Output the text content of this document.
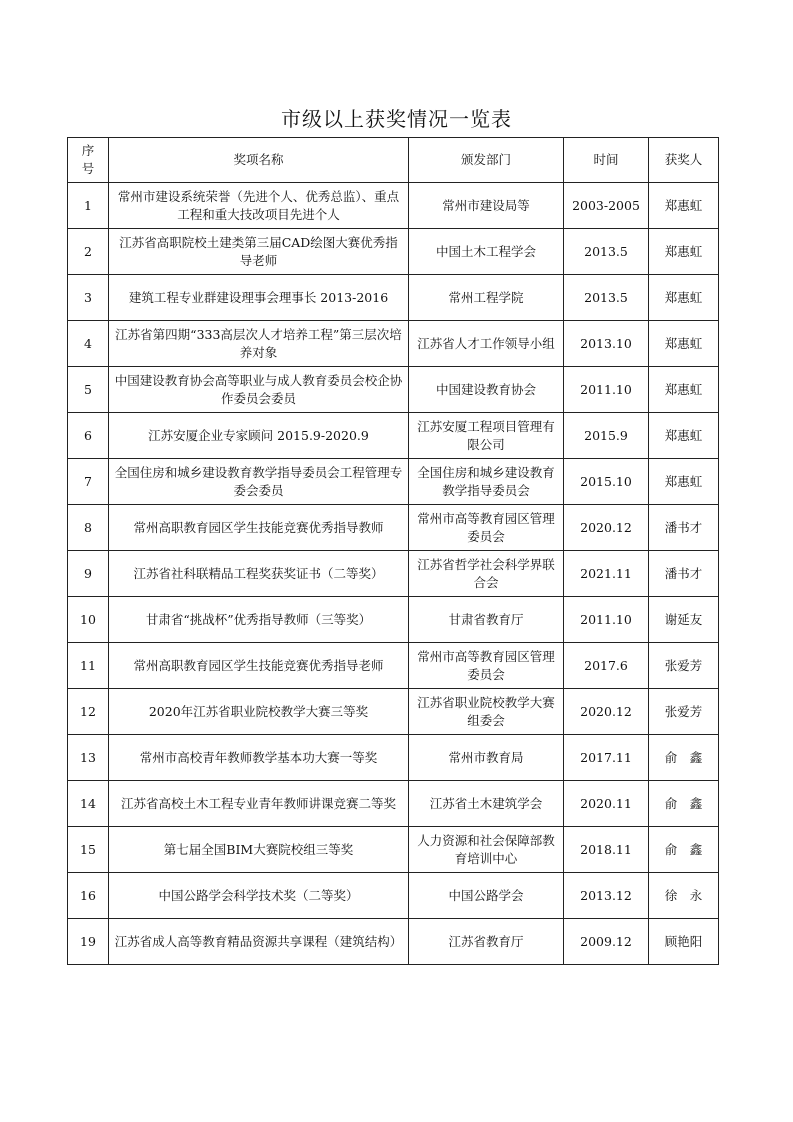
市级以上获奖情况一览表
序号	奖项名称	颁发部门	时间	获奖人
1	常州市建设系统荣誉（先进个人、优秀总监）、重点工程和重大技改项目先进个人	常州市建设局等	2003-2005	郑惠虹
2	江苏省高职院校土建类第三届CAD绘图大赛优秀指导老师	中国土木工程学会	2013.5	郑惠虹
3	建筑工程专业群建设理事会理事长 2013-2016	常州工程学院	2013.5	郑惠虹
4	江苏省第四期“333高层次人才培养工程”第三层次培养对象	江苏省人才工作领导小组	2013.10	郑惠虹
5	中国建设教育协会高等职业与成人教育委员会校企协作委员会委员	中国建设教育协会	2011.10	郑惠虹
6	江苏安厦企业专家顾问 2015.9-2020.9	江苏安厦工程项目管理有限公司	2015.9	郑惠虹
7	全国住房和城乡建设教育教学指导委员会工程管理专委会委员	全国住房和城乡建设教育教学指导委员会	2015.10	郑惠虹
8	常州高职教育园区学生技能竞赛优秀指导教师	常州市高等教育园区管理委员会	2020.12	潘书才
9	江苏省社科联精品工程奖获奖证书（二等奖）	江苏省哲学社会科学界联合会	2021.11	潘书才
10	甘肃省“挑战杯”优秀指导教师（三等奖）	甘肃省教育厅	2011.10	谢延友
11	常州高职教育园区学生技能竞赛优秀指导老师	常州市高等教育园区管理委员会	2017.6	张爱芳
12	2020年江苏省职业院校教学大赛三等奖	江苏省职业院校教学大赛组委会	2020.12	张爱芳
13	常州市高校青年教师教学基本功大赛一等奖	常州市教育局	2017.11	俞　鑫
14	江苏省高校土木工程专业青年教师讲课竞赛二等奖	江苏省土木建筑学会	2020.11	俞　鑫
15	第七届全国BIM大赛院校组三等奖	人力资源和社会保障部教育培训中心	2018.11	俞　鑫
16	中国公路学会科学技术奖（二等奖）	中国公路学会	2013.12	徐　永
19	江苏省成人高等教育精品资源共享课程（建筑结构）	江苏省教育厅	2009.12	顾艳阳
